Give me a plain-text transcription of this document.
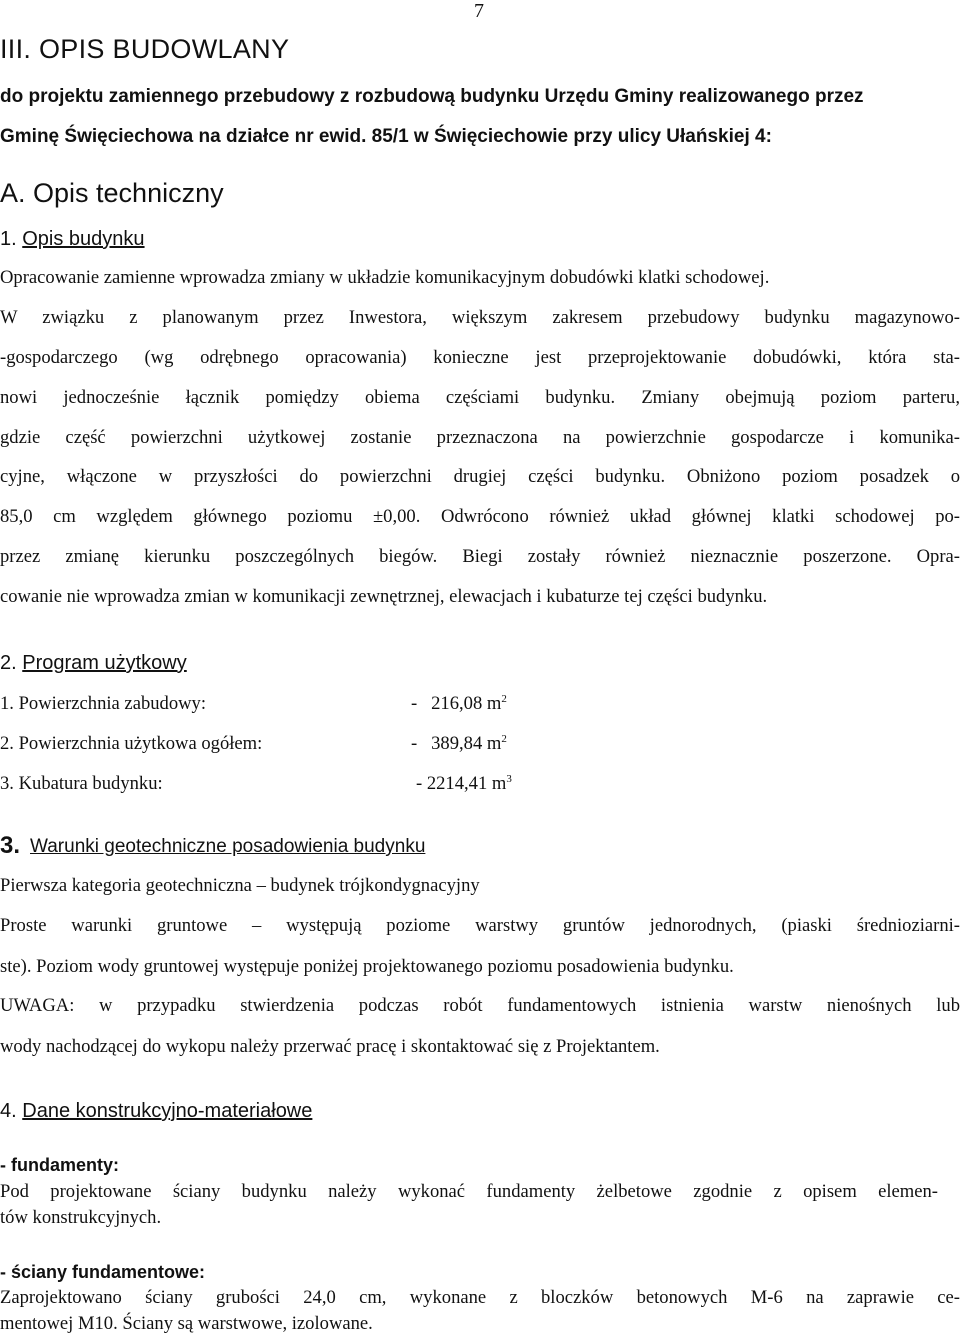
7
III. OPIS BUDOWLANY
do projektu zamiennego przebudowy z rozbudową budynku Urzędu Gminy realizowanego przez
Gminę Święciechowa na działce nr ewid. 85/1 w Święciechowie przy ulicy Ułańskiej 4:
A. Opis techniczny
1. Opis budynku
Opracowanie zamienne wprowadza zmiany w układzie komunikacyjnym dobudówki klatki schodowej.
W związku z planowanym przez Inwestora, większym zakresem przebudowy budynku magazynowo-
-gospodarczego (wg odrębnego opracowania) konieczne jest przeprojektowanie dobudówki, która sta-
nowi jednocześnie łącznik pomiędzy obiema częściami budynku. Zmiany obejmują poziom parteru,
gdzie część powierzchni użytkowej zostanie przeznaczona na powierzchnie gospodarcze i komunika-
cyjne, włączone w przyszłości do powierzchni drugiej części budynku. Obniżono poziom posadzek o
85,0 cm względem głównego poziomu ±0,00. Odwrócono również układ głównej klatki schodowej po-
przez zmianę kierunku poszczególnych biegów. Biegi zostały również nieznacznie poszerzone. Opra-
cowanie nie wprowadza zmian w komunikacji zewnętrznej, elewacjach i kubaturze tej części budynku.
2. Program użytkowy
1. Powierzchnia zabudowy:	-   216,08 $m^2$
2. Powierzchnia użytkowa ogółem:	-   389,84 $m^2$
3. Kubatura budynku:	- 2214,41 $m^3$
3. Warunki geotechniczne posadowienia budynku
Pierwsza kategoria geotechniczna – budynek trójkondygnacyjny
Proste warunki gruntowe – występują poziome warstwy gruntów jednorodnych, (piaski średnioziarni-
ste). Poziom wody gruntowej występuje poniżej projektowanego poziomu posadowienia budynku.
UWAGA: w przypadku stwierdzenia podczas robót fundamentowych istnienia warstw nienośnych lub
wody nachodzącej do wykopu należy przerwać pracę i skontaktować się z Projektantem.
4. Dane konstrukcyjno-materiałowe
- fundamenty:
Pod projektowane ściany budynku należy wykonać fundamenty żelbetowe zgodnie z opisem elemen-
tów konstrukcyjnych.
- ściany fundamentowe:
Zaprojektowano ściany grubości 24,0 cm, wykonane z bloczków betonowych M-6 na zaprawie ce-
mentowej M10. Ściany są warstwowe, izolowane.
